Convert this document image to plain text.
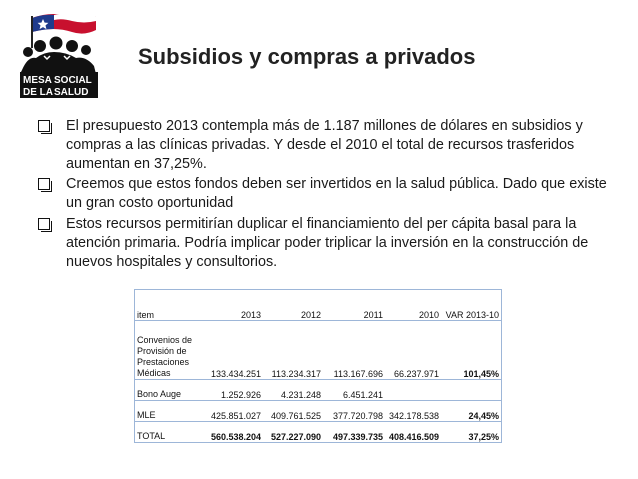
MESA SOCIAL
DE LA SALUD
Subsidios y compras a privados
El presupuesto 2013 contempla más de 1.187 millones de dólares en subsidios y compras a las clínicas privadas. Y desde el 2010 el total de recursos trasferidos aumentan en 37,25%.
Creemos que estos fondos deben ser invertidos en la salud pública. Dado que existe un gran costo oportunidad
Estos recursos permitirían duplicar el financiamiento del per cápita basal para la atención primaria. Podría implicar poder triplicar la inversión en la construcción de nuevos hospitales y consultorios.
item	2013	2012	2011	2010	VAR 2013-10
Convenios de Provisión de Prestaciones Médicas	133.434.251	113.234.317	113.167.696	66.237.971	101,45%

Bono Auge	1.252.926	4.231.248	6.451.241		

MLE	425.851.027	409.761.525	377.720.798	342.178.538	24,45%

TOTAL	560.538.204	527.227.090	497.339.735	408.416.509	37,25%
